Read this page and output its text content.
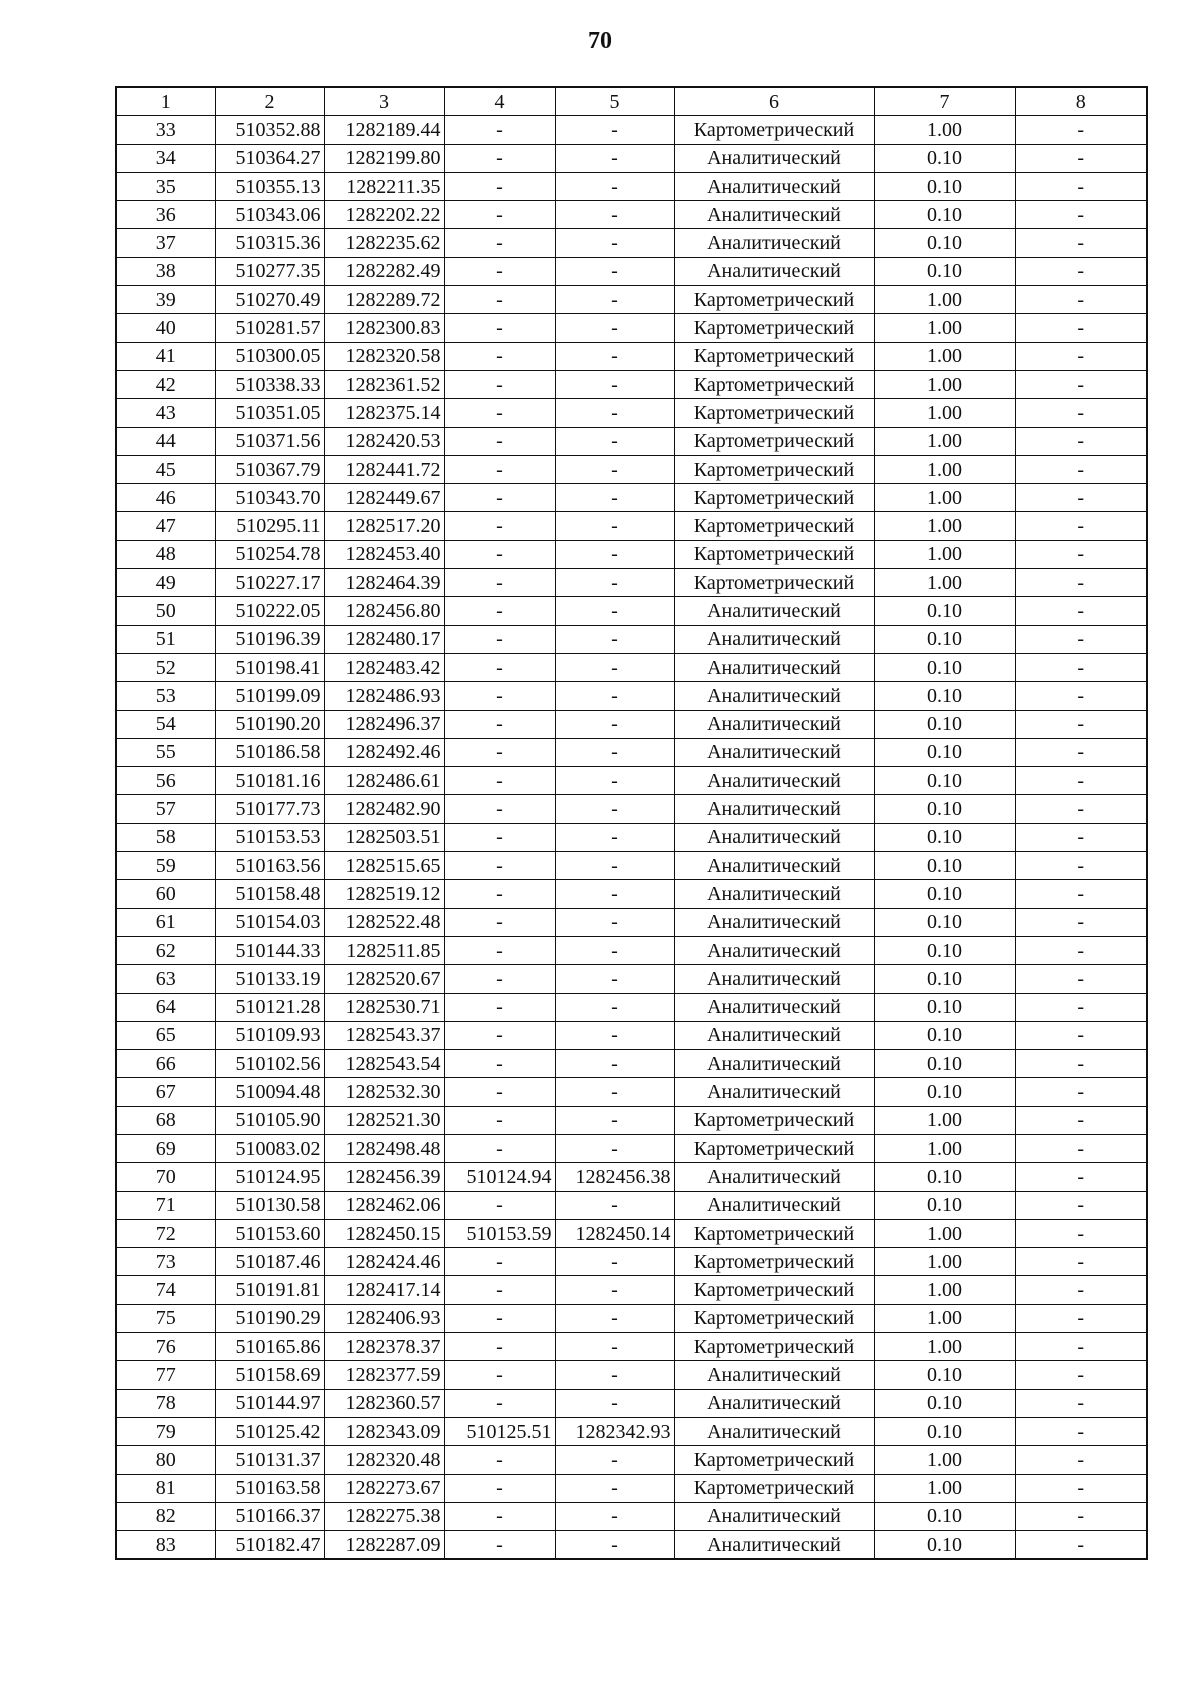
70
1	2	3	4	5	6	7	8
33	510352.88	1282189.44	-	-	Картометрический	1.00	-
34	510364.27	1282199.80	-	-	Аналитический	0.10	-
35	510355.13	1282211.35	-	-	Аналитический	0.10	-
36	510343.06	1282202.22	-	-	Аналитический	0.10	-
37	510315.36	1282235.62	-	-	Аналитический	0.10	-
38	510277.35	1282282.49	-	-	Аналитический	0.10	-
39	510270.49	1282289.72	-	-	Картометрический	1.00	-
40	510281.57	1282300.83	-	-	Картометрический	1.00	-
41	510300.05	1282320.58	-	-	Картометрический	1.00	-
42	510338.33	1282361.52	-	-	Картометрический	1.00	-
43	510351.05	1282375.14	-	-	Картометрический	1.00	-
44	510371.56	1282420.53	-	-	Картометрический	1.00	-
45	510367.79	1282441.72	-	-	Картометрический	1.00	-
46	510343.70	1282449.67	-	-	Картометрический	1.00	-
47	510295.11	1282517.20	-	-	Картометрический	1.00	-
48	510254.78	1282453.40	-	-	Картометрический	1.00	-
49	510227.17	1282464.39	-	-	Картометрический	1.00	-
50	510222.05	1282456.80	-	-	Аналитический	0.10	-
51	510196.39	1282480.17	-	-	Аналитический	0.10	-
52	510198.41	1282483.42	-	-	Аналитический	0.10	-
53	510199.09	1282486.93	-	-	Аналитический	0.10	-
54	510190.20	1282496.37	-	-	Аналитический	0.10	-
55	510186.58	1282492.46	-	-	Аналитический	0.10	-
56	510181.16	1282486.61	-	-	Аналитический	0.10	-
57	510177.73	1282482.90	-	-	Аналитический	0.10	-
58	510153.53	1282503.51	-	-	Аналитический	0.10	-
59	510163.56	1282515.65	-	-	Аналитический	0.10	-
60	510158.48	1282519.12	-	-	Аналитический	0.10	-
61	510154.03	1282522.48	-	-	Аналитический	0.10	-
62	510144.33	1282511.85	-	-	Аналитический	0.10	-
63	510133.19	1282520.67	-	-	Аналитический	0.10	-
64	510121.28	1282530.71	-	-	Аналитический	0.10	-
65	510109.93	1282543.37	-	-	Аналитический	0.10	-
66	510102.56	1282543.54	-	-	Аналитический	0.10	-
67	510094.48	1282532.30	-	-	Аналитический	0.10	-
68	510105.90	1282521.30	-	-	Картометрический	1.00	-
69	510083.02	1282498.48	-	-	Картометрический	1.00	-
70	510124.95	1282456.39	510124.94	1282456.38	Аналитический	0.10	-
71	510130.58	1282462.06	-	-	Аналитический	0.10	-
72	510153.60	1282450.15	510153.59	1282450.14	Картометрический	1.00	-
73	510187.46	1282424.46	-	-	Картометрический	1.00	-
74	510191.81	1282417.14	-	-	Картометрический	1.00	-
75	510190.29	1282406.93	-	-	Картометрический	1.00	-
76	510165.86	1282378.37	-	-	Картометрический	1.00	-
77	510158.69	1282377.59	-	-	Аналитический	0.10	-
78	510144.97	1282360.57	-	-	Аналитический	0.10	-
79	510125.42	1282343.09	510125.51	1282342.93	Аналитический	0.10	-
80	510131.37	1282320.48	-	-	Картометрический	1.00	-
81	510163.58	1282273.67	-	-	Картометрический	1.00	-
82	510166.37	1282275.38	-	-	Аналитический	0.10	-
83	510182.47	1282287.09	-	-	Аналитический	0.10	-
